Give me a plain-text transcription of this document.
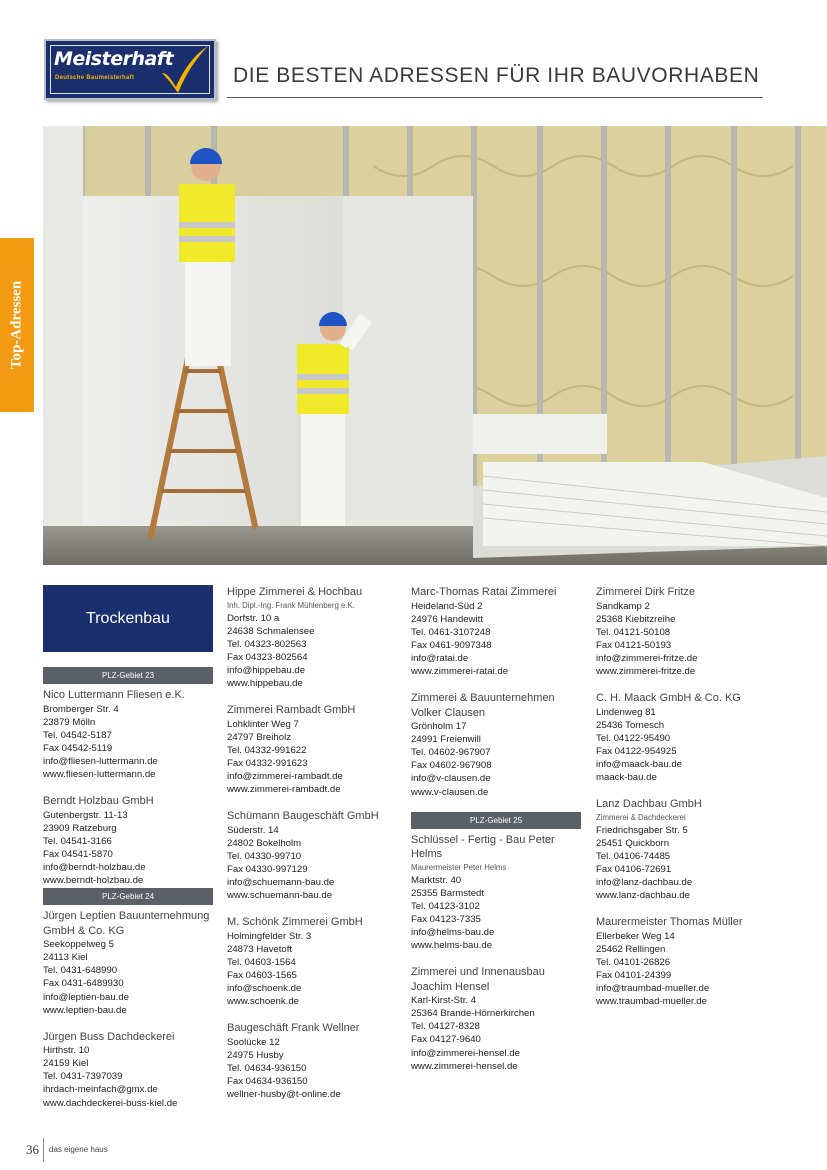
Meisterhaft
Deutsche Baumeisterhaft	DIE BESTEN ADRESSEN FÜR IHR BAUVORHABEN
Top-Adressen
Trockenbau
PLZ-Gebiet 23
Nico Luttermann Fliesen e.K.
Bromberger Str. 4
23879 Mölln
Tel. 04542-5187
Fax 04542-5119
info@fliesen-luttermann.de
www.fliesen-luttermann.de
Berndt Holzbau GmbH
Gutenbergstr. 11-13
23909 Ratzeburg
Tel. 04541-3166
Fax 04541-5870
info@berndt-holzbau.de
www.berndt-holzbau.de
PLZ-Gebiet 24
Jürgen Leptien Bauunternehmung
GmbH & Co. KG
Seekoppelweg 5
24113 Kiel
Tel. 0431-648990
Fax 0431-6489930
info@leptien-bau.de
www.leptien-bau.de
Jürgen Buss Dachdeckerei
Hirthstr. 10
24159 Kiel
Tel. 0431-7397039
ihrdach-meinfach@gmx.de
www.dachdeckerei-buss-kiel.de
Hippe Zimmerei & Hochbau
Inh. Dipl.-Ing. Frank Mühlenberg e.K.
Dorfstr. 10 a
24638 Schmalensee
Tel. 04323-802563
Fax 04323-802564
info@hippebau.de
www.hippebau.de
Zimmerei Rambadt GmbH
Lohklinter Weg 7
24797 Breiholz
Tel. 04332-991622
Fax 04332-991623
info@zimmerei-rambadt.de
www.zimmerei-rambadt.de
Schümann Baugeschäft GmbH
Süderstr. 14
24802 Bokelholm
Tel. 04330-99710
Fax 04330-997129
info@schuemann-bau.de
www.schuemann-bau.de
M. Schönk Zimmerei GmbH
Holmingfelder Str. 3
24873 Havetoft
Tel. 04603-1564
Fax 04603-1565
info@schoenk.de
www.schoenk.de
Baugeschäft Frank Wellner
Soolücke 12
24975 Husby
Tel. 04634-936150
Fax 04634-936150
wellner-husby@t-online.de
Marc-Thomas Ratai Zimmerei
Heideland-Süd 2
24976 Handewitt
Tel. 0461-3107248
Fax 0461-9097348
info@ratai.de
www.zimmerei-ratai.de
Zimmerei & Bauunternehmen
Volker Clausen
Grönholm 17
24991 Freienwill
Tel. 04602-967907
Fax 04602-967908
info@v-clausen.de
www.v-clausen.de
PLZ-Gebiet 25
Schlüssel - Fertig - Bau Peter Helms
Maurermeister Peter Helms
Marktstr. 40
25355 Barmstedt
Tel. 04123-3102
Fax 04123-7335
info@helms-bau.de
www.helms-bau.de
Zimmerei und Innenausbau
Joachim Hensel
Karl-Kirst-Str. 4
25364 Brande-Hörnerkirchen
Tel. 04127-8328
Fax 04127-9640
info@zimmerei-hensel.de
www.zimmerei-hensel.de
Zimmerei Dirk Fritze
Sandkamp 2
25368 Kiebitzreihe
Tel. 04121-50108
Fax 04121-50193
info@zimmerei-fritze.de
www.zimmerei-fritze.de
C. H. Maack GmbH & Co. KG
Lindenweg 81
25436 Tornesch
Tel. 04122-95490
Fax 04122-954925
info@maack-bau.de
maack-bau.de
Lanz Dachbau GmbH
Zimmerei & Dachdeckerei
Friedrichsgaber Str. 5
25451 Quickborn
Tel. 04106-74485
Fax 04106-72691
info@lanz-dachbau.de
www.lanz-dachbau.de
Maurermeister Thomas Müller
Ellerbeker Weg 14
25462 Rellingen
Tel. 04101-26826
Fax 04101-24399
info@traumbad-mueller.de
www.traumbad-mueller.de
36 das eigene haus
